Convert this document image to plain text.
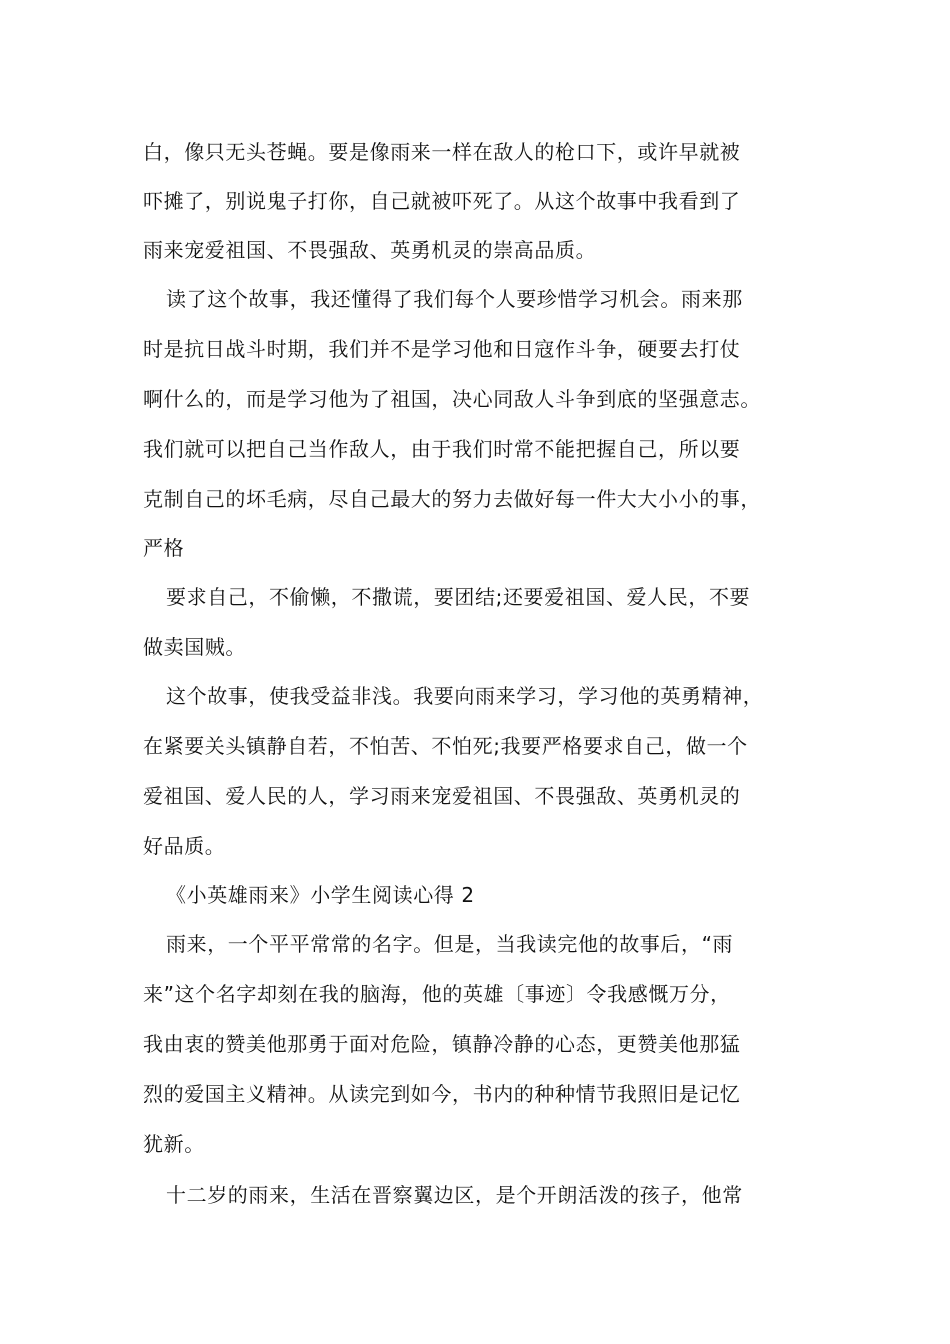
白，像只无头苍蝇。要是像雨来一样在敌人的枪口下，或许早就被
吓摊了，别说鬼子打你，自己就被吓死了。从这个故事中我看到了
雨来宠爱祖国、不畏强敌、英勇机灵的崇高品质。
读了这个故事，我还懂得了我们每个人要珍惜学习机会。雨来那
时是抗日战斗时期，我们并不是学习他和日寇作斗争，硬要去打仗
啊什么的，而是学习他为了祖国，决心同敌人斗争到底的坚强意志。
我们就可以把自己当作敌人，由于我们时常不能把握自己，所以要
克制自己的坏毛病，尽自己最大的努力去做好每一件大大小小的事，
严格
要求自己，不偷懒，不撒谎，要团结;还要爱祖国、爱人民，不要
做卖国贼。
这个故事，使我受益非浅。我要向雨来学习，学习他的英勇精神，
在紧要关头镇静自若，不怕苦、不怕死;我要严格要求自己，做一个
爱祖国、爱人民的人，学习雨来宠爱祖国、不畏强敌、英勇机灵的
好品质。
《小英雄雨来》小学生阅读心得 2
雨来，一个平平常常的名字。但是，当我读完他的故事后，“雨
来”这个名字却刻在我的脑海，他的英雄〔事迹〕令我感慨万分，
我由衷的赞美他那勇于面对危险，镇静冷静的心态，更赞美他那猛
烈的爱国主义精神。从读完到如今，书内的种种情节我照旧是记忆
犹新。
十二岁的雨来，生活在晋察翼边区，是个开朗活泼的孩子，他常
